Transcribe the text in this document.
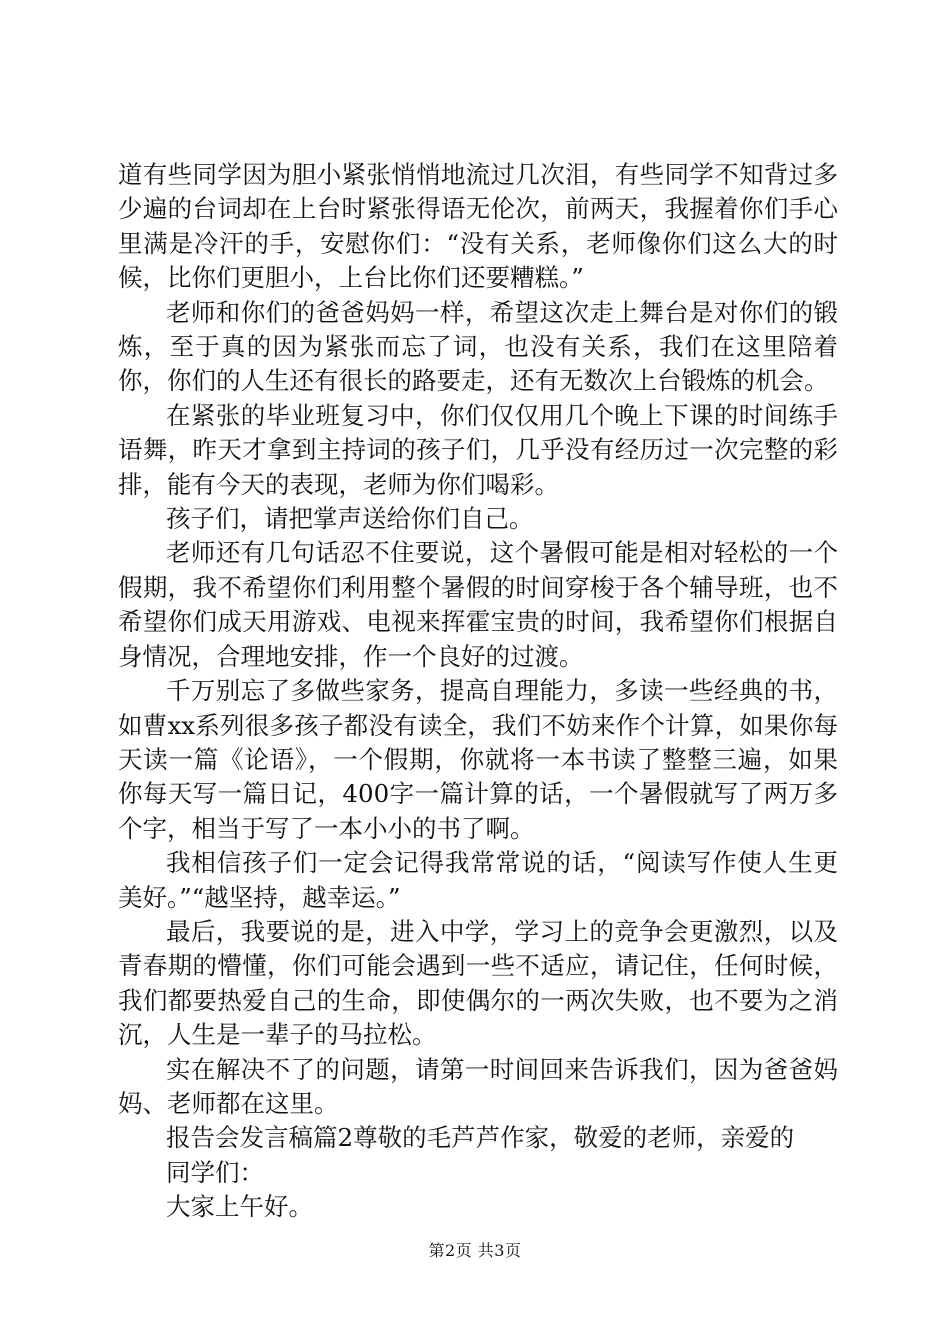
道有些同学因为胆小紧张悄悄地流过几次泪，有些同学不知背过多少遍的台词却在上台时紧张得语无伦次，前两天，我握着你们手心里满是冷汗的手，安慰你们：“没有关系，老师像你们这么大的时候，比你们更胆小，上台比你们还要糟糕。”

老师和你们的爸爸妈妈一样，希望这次走上舞台是对你们的锻炼，至于真的因为紧张而忘了词，也没有关系，我们在这里陪着你，你们的人生还有很长的路要走，还有无数次上台锻炼的机会。

在紧张的毕业班复习中，你们仅仅用几个晚上下课的时间练手语舞，昨天才拿到主持词的孩子们，几乎没有经历过一次完整的彩排，能有今天的表现，老师为你们喝彩。

孩子们，请把掌声送给你们自己。

老师还有几句话忍不住要说，这个暑假可能是相对轻松的一个假期，我不希望你们利用整个暑假的时间穿梭于各个辅导班，也不希望你们成天用游戏、电视来挥霍宝贵的时间，我希望你们根据自身情况，合理地安排，作一个良好的过渡。

千万别忘了多做些家务，提高自理能力，多读一些经典的书，如曹xx系列很多孩子都没有读全，我们不妨来作个计算，如果你每天读一篇《论语》，一个假期，你就将一本书读了整整三遍，如果你每天写一篇日记，400字一篇计算的话，一个暑假就写了两万多个字，相当于写了一本小小的书了啊。

我相信孩子们一定会记得我常常说的话，“阅读写作使人生更美好。”“越坚持，越幸运。”

最后，我要说的是，进入中学，学习上的竞争会更激烈，以及青春期的懵懂，你们可能会遇到一些不适应，请记住，任何时候，我们都要热爱自己的生命，即使偶尔的一两次失败，也不要为之消沉，人生是一辈子的马拉松。

实在解决不了的问题，请第一时间回来告诉我们，因为爸爸妈妈、老师都在这里。

报告会发言稿篇2尊敬的毛芦芦作家，敬爱的老师，亲爱的

同学们：

大家上午好。

第2页 共3页
